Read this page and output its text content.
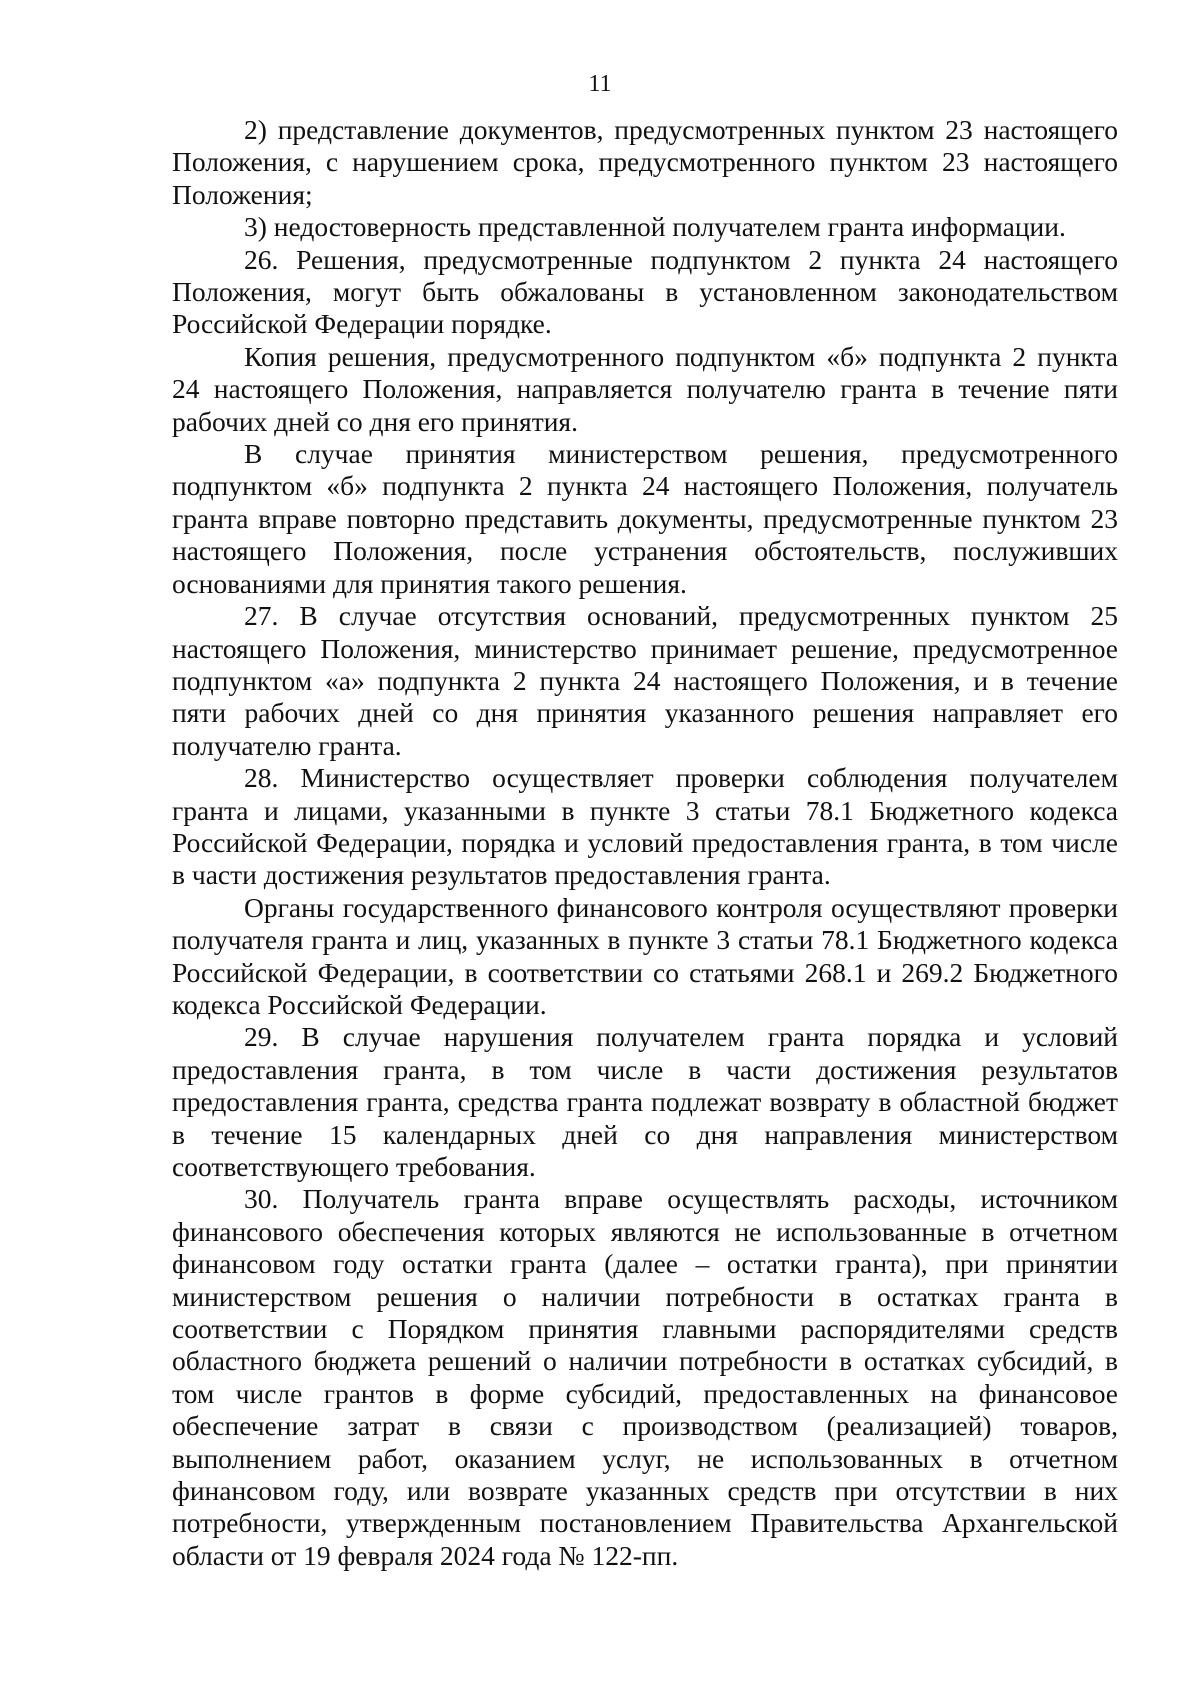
11

2) представление документов, предусмотренных пунктом 23 настоящего Положения, с нарушением срока, предусмотренного пунктом 23 настоящего Положения;

3) недостоверность представленной получателем гранта информации.

26. Решения, предусмотренные подпунктом 2 пункта 24 настоящего Положения, могут быть обжалованы в установленном законодательством Российской Федерации порядке.

Копия решения, предусмотренного подпунктом «б» подпункта 2 пункта 24 настоящего Положения, направляется получателю гранта в течение пяти рабочих дней со дня его принятия.

В случае принятия министерством решения, предусмотренного подпунктом «б» подпункта 2 пункта 24 настоящего Положения, получатель гранта вправе повторно представить документы, предусмотренные пунктом 23 настоящего Положения, после устранения обстоятельств, послуживших основаниями для принятия такого решения.

27. В случае отсутствия оснований, предусмотренных пунктом 25 настоящего Положения, министерство принимает решение, предусмотренное подпунктом «а» подпункта 2 пункта 24 настоящего Положения, и в течение пяти рабочих дней со дня принятия указанного решения направляет его получателю гранта.

28. Министерство осуществляет проверки соблюдения получателем гранта и лицами, указанными в пункте 3 статьи 78.1 Бюджетного кодекса Российской Федерации, порядка и условий предоставления гранта, в том числе в части достижения результатов предоставления гранта.

Органы государственного финансового контроля осуществляют проверки получателя гранта и лиц, указанных в пункте 3 статьи 78.1 Бюджетного кодекса Российской Федерации, в соответствии со статьями 268.1 и 269.2 Бюджетного кодекса Российской Федерации.

29. В случае нарушения получателем гранта порядка и условий предоставления гранта, в том числе в части достижения результатов предоставления гранта, средства гранта подлежат возврату в областной бюджет в течение 15 календарных дней со дня направления министерством соответствующего требования.

30. Получатель гранта вправе осуществлять расходы, источником финансового обеспечения которых являются не использованные в отчетном финансовом году остатки гранта (далее – остатки гранта), при принятии министерством решения о наличии потребности в остатках гранта в соответствии с Порядком принятия главными распорядителями средств областного бюджета решений о наличии потребности в остатках субсидий, в том числе грантов в форме субсидий, предоставленных на финансовое обеспечение затрат в связи с производством (реализацией) товаров, выполнением работ, оказанием услуг, не использованных в отчетном финансовом году, или возврате указанных средств при отсутствии в них потребности, утвержденным постановлением Правительства Архангельской области от 19 февраля 2024 года № 122-пп.
